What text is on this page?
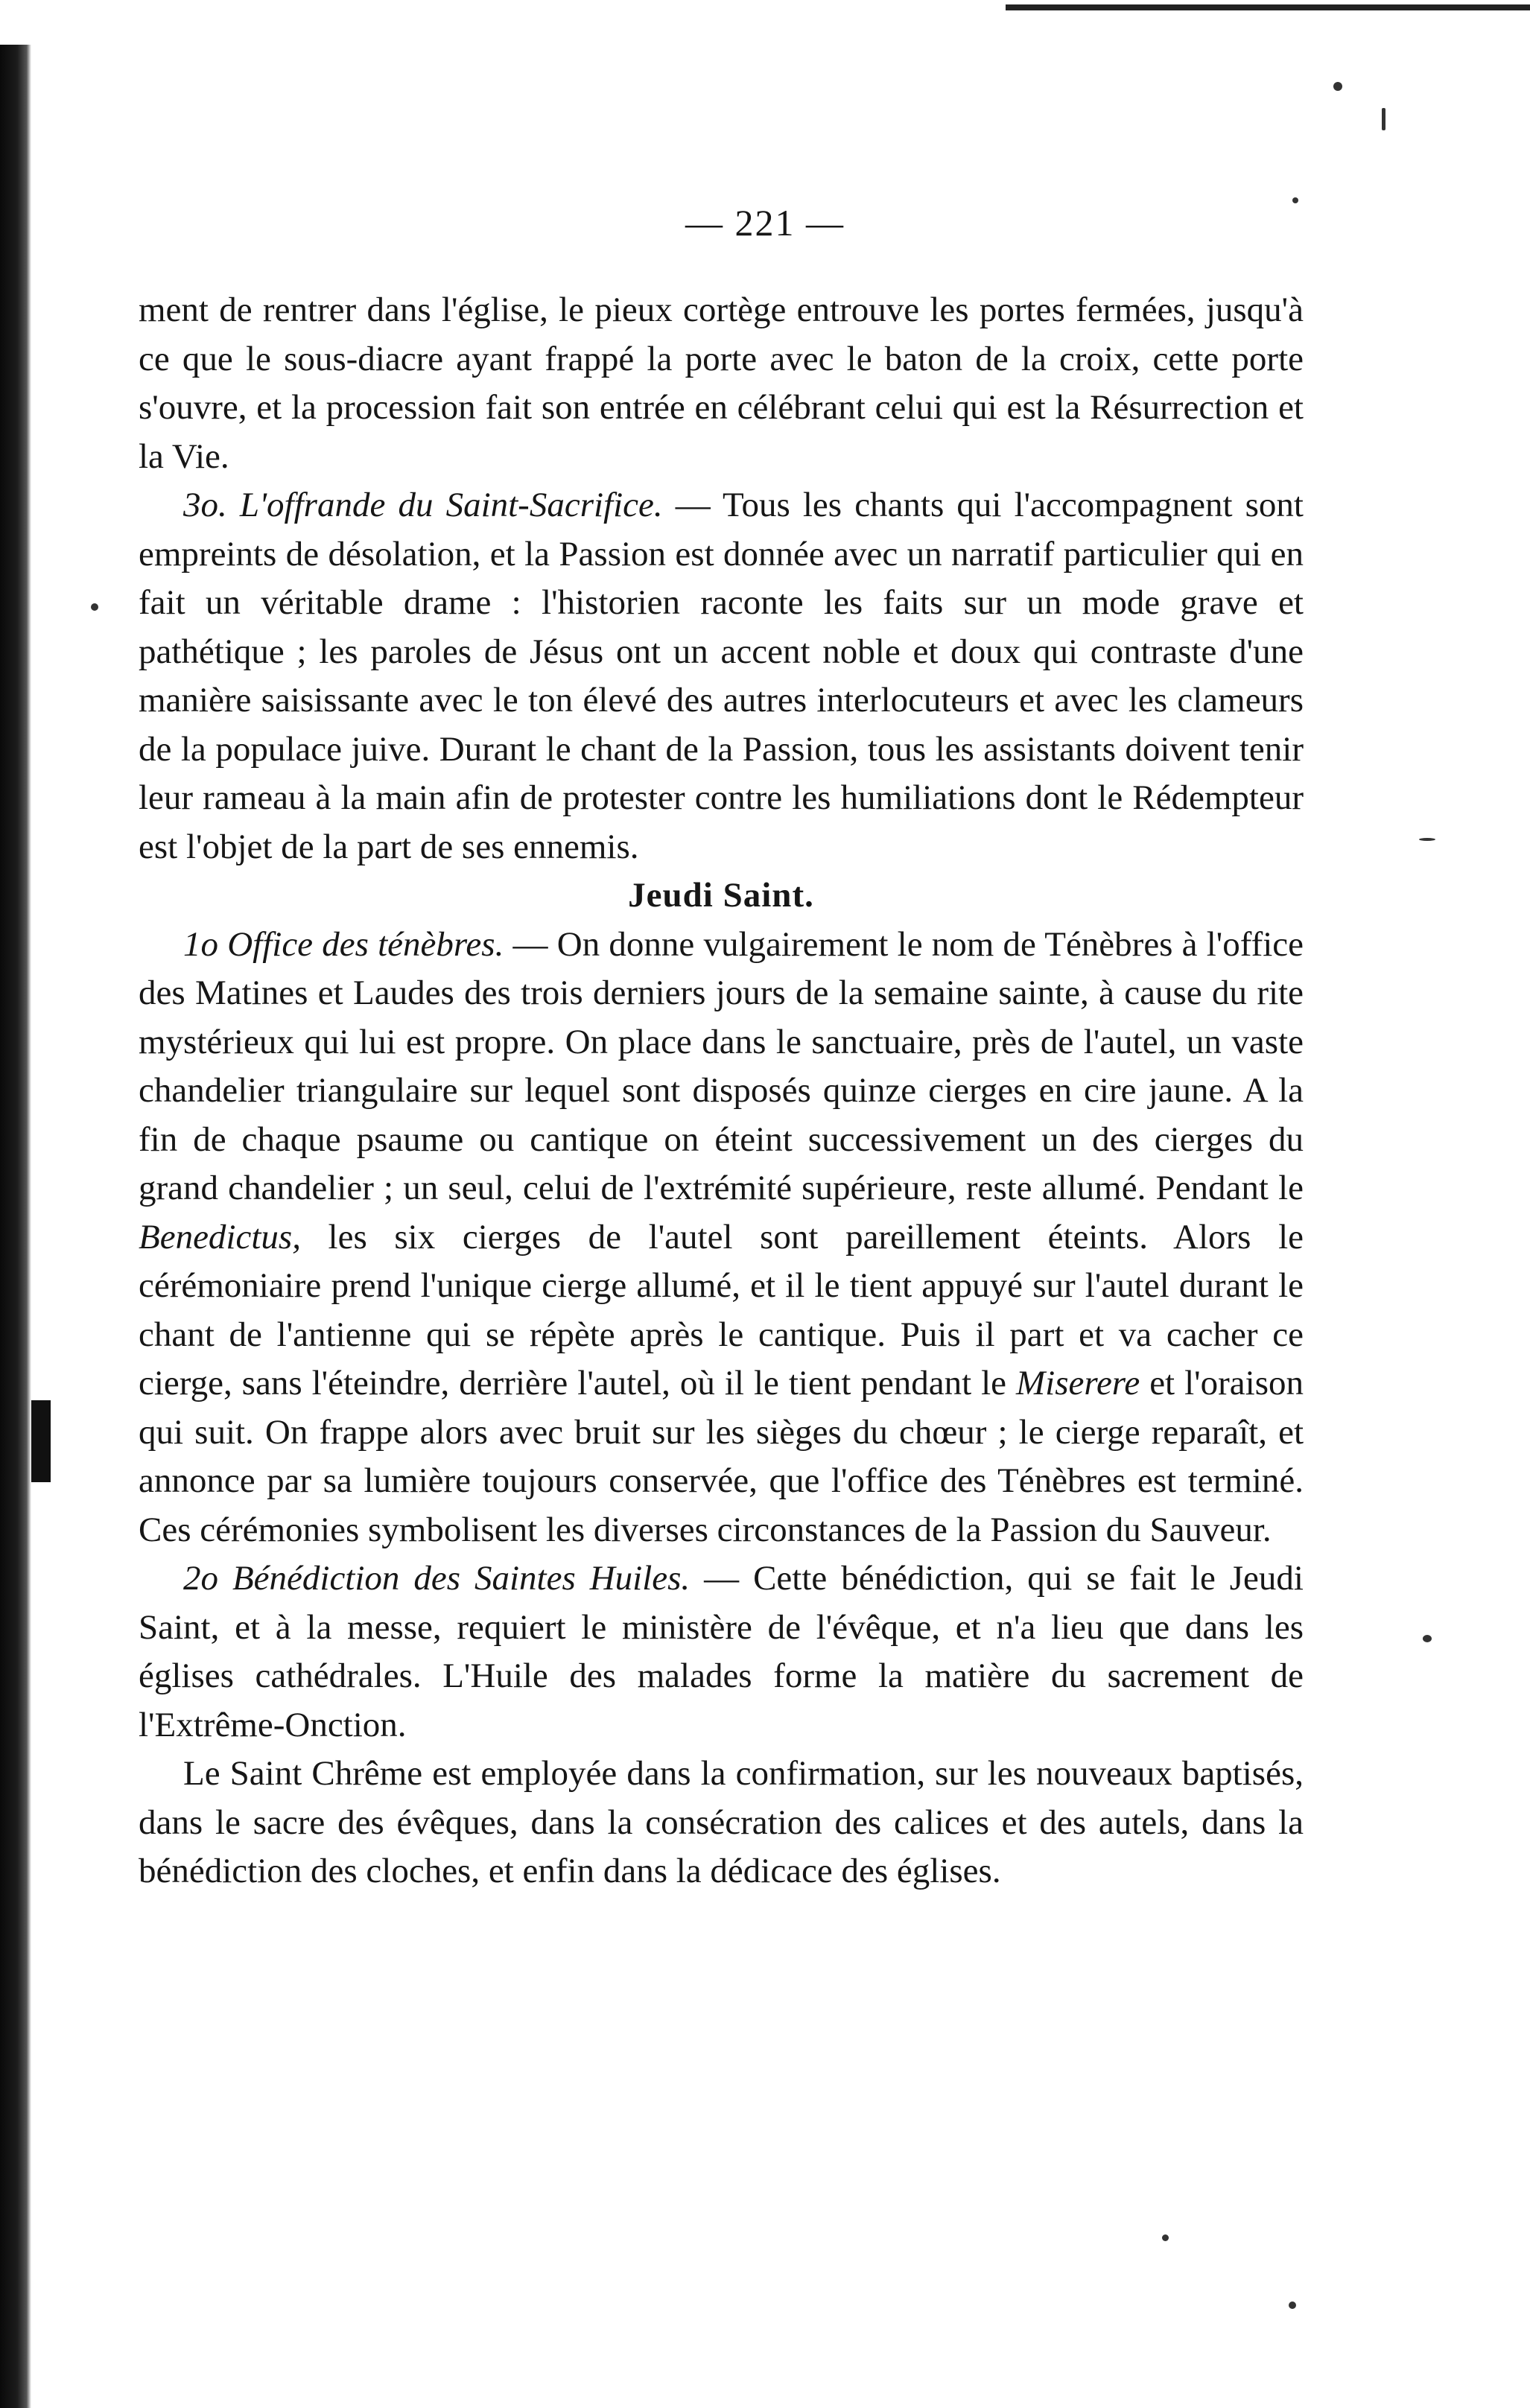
— 221 —

ment de rentrer dans l'église, le pieux cortège entrouve les portes fermées, jusqu'à ce que le sous-diacre ayant frappé la porte avec le baton de la croix, cette porte s'ouvre, et la procession fait son entrée en célébrant celui qui est la Résurrection et la Vie.

3o. L'offrande du Saint-Sacrifice. — Tous les chants qui l'accompagnent sont empreints de désolation, et la Passion est donnée avec un narratif particulier qui en fait un véritable drame : l'historien raconte les faits sur un mode grave et pathétique ; les paroles de Jésus ont un accent noble et doux qui contraste d'une manière saisissante avec le ton élevé des autres interlocuteurs et avec les clameurs de la populace juive. Durant le chant de la Passion, tous les assistants doivent tenir leur rameau à la main afin de protester contre les humiliations dont le Rédempteur est l'objet de la part de ses ennemis.

Jeudi Saint.

1o Office des ténèbres. — On donne vulgairement le nom de Ténèbres à l'office des Matines et Laudes des trois derniers jours de la semaine sainte, à cause du rite mystérieux qui lui est propre. On place dans le sanctuaire, près de l'autel, un vaste chandelier triangulaire sur lequel sont disposés quinze cierges en cire jaune. A la fin de chaque psaume ou cantique on éteint successivement un des cierges du grand chandelier ; un seul, celui de l'extrémité supérieure, reste allumé. Pendant le Benedictus, les six cierges de l'autel sont pareillement éteints. Alors le cérémoniaire prend l'unique cierge allumé, et il le tient appuyé sur l'autel durant le chant de l'antienne qui se répète après le cantique. Puis il part et va cacher ce cierge, sans l'éteindre, derrière l'autel, où il le tient pendant le Miserere et l'oraison qui suit. On frappe alors avec bruit sur les sièges du chœur ; le cierge reparaît, et annonce par sa lumière toujours conservée, que l'office des Ténèbres est terminé. Ces cérémonies symbolisent les diverses circonstances de la Passion du Sauveur.

2o Bénédiction des Saintes Huiles. — Cette bénédiction, qui se fait le Jeudi Saint, et à la messe, requiert le ministère de l'évêque, et n'a lieu que dans les églises cathédrales. L'Huile des malades forme la matière du sacrement de l'Extrême-Onction.

Le Saint Chrême est employée dans la confirmation, sur les nouveaux baptisés, dans le sacre des évêques, dans la consécration des calices et des autels, dans la bénédiction des cloches, et enfin dans la dédicace des églises.
